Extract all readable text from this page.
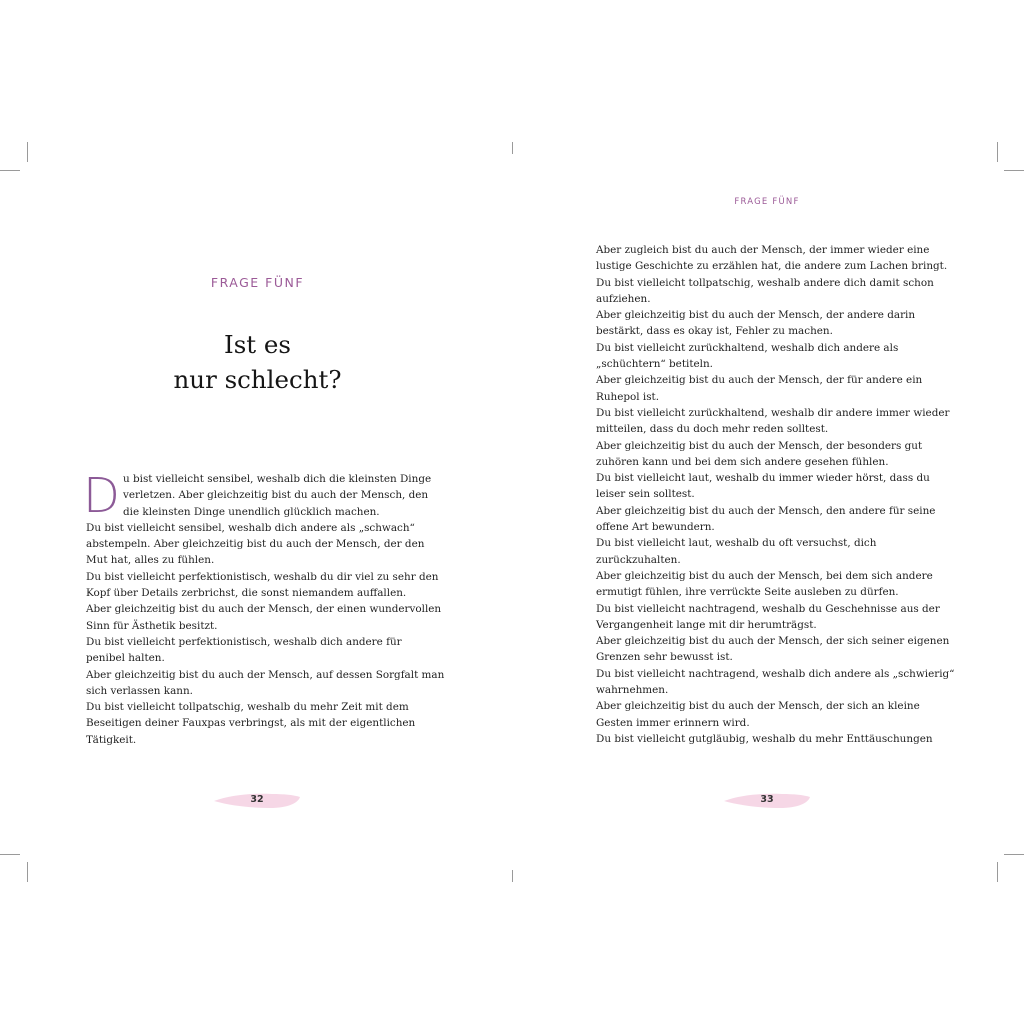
FRAGE FÜNF
Ist es
nur schlecht?
D u bist vielleicht sensibel, weshalb dich die kleinsten Dinge
verletzen. Aber gleichzeitig bist du auch der Mensch, den
die kleinsten Dinge unendlich glücklich machen.
Du bist vielleicht sensibel, weshalb dich andere als „schwach“
abstempeln. Aber gleichzeitig bist du auch der Mensch, der den
Mut hat, alles zu fühlen.
Du bist vielleicht perfektionistisch, weshalb du dir viel zu sehr den
Kopf über Details zerbrichst, die sonst niemandem auffallen.
Aber gleichzeitig bist du auch der Mensch, der einen wundervollen
Sinn für Ästhetik besitzt.
Du bist vielleicht perfektionistisch, weshalb dich andere für
penibel halten.
Aber gleichzeitig bist du auch der Mensch, auf dessen Sorgfalt man
sich verlassen kann.
Du bist vielleicht tollpatschig, weshalb du mehr Zeit mit dem
Beseitigen deiner Fauxpas verbringst, als mit der eigentlichen
Tätigkeit.
32
FRAGE FÜNF
Aber zugleich bist du auch der Mensch, der immer wieder eine
lustige Geschichte zu erzählen hat, die andere zum Lachen bringt.
Du bist vielleicht tollpatschig, weshalb andere dich damit schon
aufziehen.
Aber gleichzeitig bist du auch der Mensch, der andere darin
bestärkt, dass es okay ist, Fehler zu machen.
Du bist vielleicht zurückhaltend, weshalb dich andere als
„schüchtern“ betiteln.
Aber gleichzeitig bist du auch der Mensch, der für andere ein
Ruhepol ist.
Du bist vielleicht zurückhaltend, weshalb dir andere immer wieder
mitteilen, dass du doch mehr reden solltest.
Aber gleichzeitig bist du auch der Mensch, der besonders gut
zuhören kann und bei dem sich andere gesehen fühlen.
Du bist vielleicht laut, weshalb du immer wieder hörst, dass du
leiser sein solltest.
Aber gleichzeitig bist du auch der Mensch, den andere für seine
offene Art bewundern.
Du bist vielleicht laut, weshalb du oft versuchst, dich
zurückzuhalten.
Aber gleichzeitig bist du auch der Mensch, bei dem sich andere
ermutigt fühlen, ihre verrückte Seite ausleben zu dürfen.
Du bist vielleicht nachtragend, weshalb du Geschehnisse aus der
Vergangenheit lange mit dir herumträgst.
Aber gleichzeitig bist du auch der Mensch, der sich seiner eigenen
Grenzen sehr bewusst ist.
Du bist vielleicht nachtragend, weshalb dich andere als „schwierig“
wahrnehmen.
Aber gleichzeitig bist du auch der Mensch, der sich an kleine
Gesten immer erinnern wird.
Du bist vielleicht gutgläubig, weshalb du mehr Enttäuschungen
33
